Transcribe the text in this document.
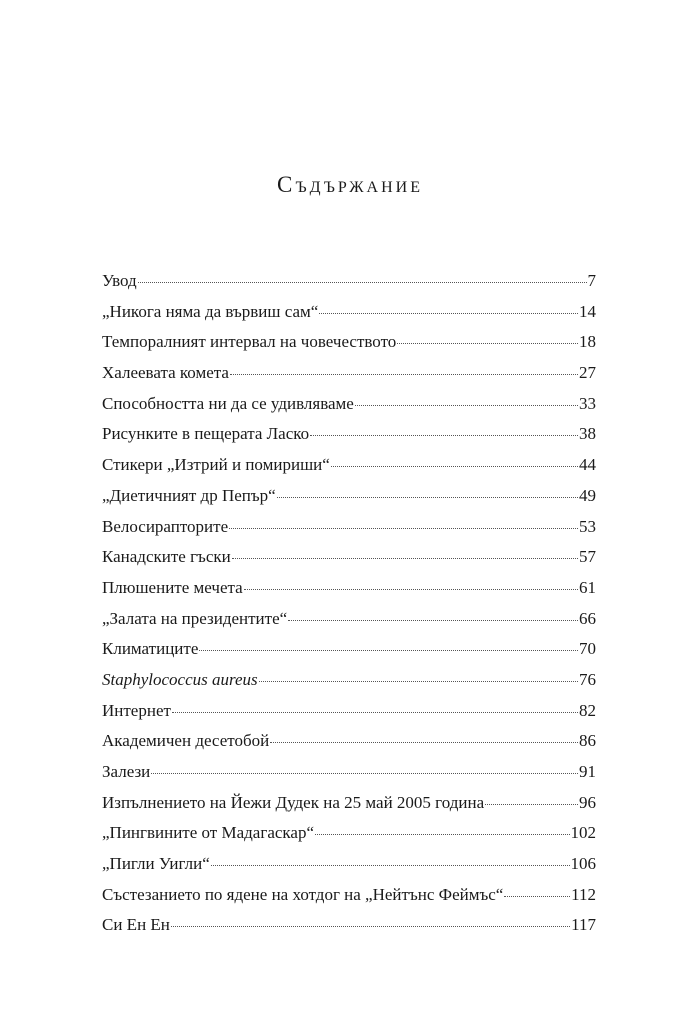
Съдържание
Увод	7
„Никога няма да вървиш сам“	14
Темпоралният интервал на човечеството	18
Халеевата комета	27
Способността ни да се удивляваме	33
Рисунките в пещерата Ласко	38
Стикери „Изтрий и помириши“	44
„Диетичният др Пепър“	49
Велосирапторите	53
Канадските гъски	57
Плюшените мечета	61
„Залата на президентите“	66
Климатиците	70
Staphylococcus aureus	76
Интернет	82
Академичен десетобой	86
Залези	91
Изпълнението на Йежи Дудек на 25 май 2005 година	96
„Пингвините от Мадагаскар“	102
„Пигли Уигли“	106
Състезанието по ядене на хотдог на „Нейтънс Феймъс“	112
Си Ен Ен	117
